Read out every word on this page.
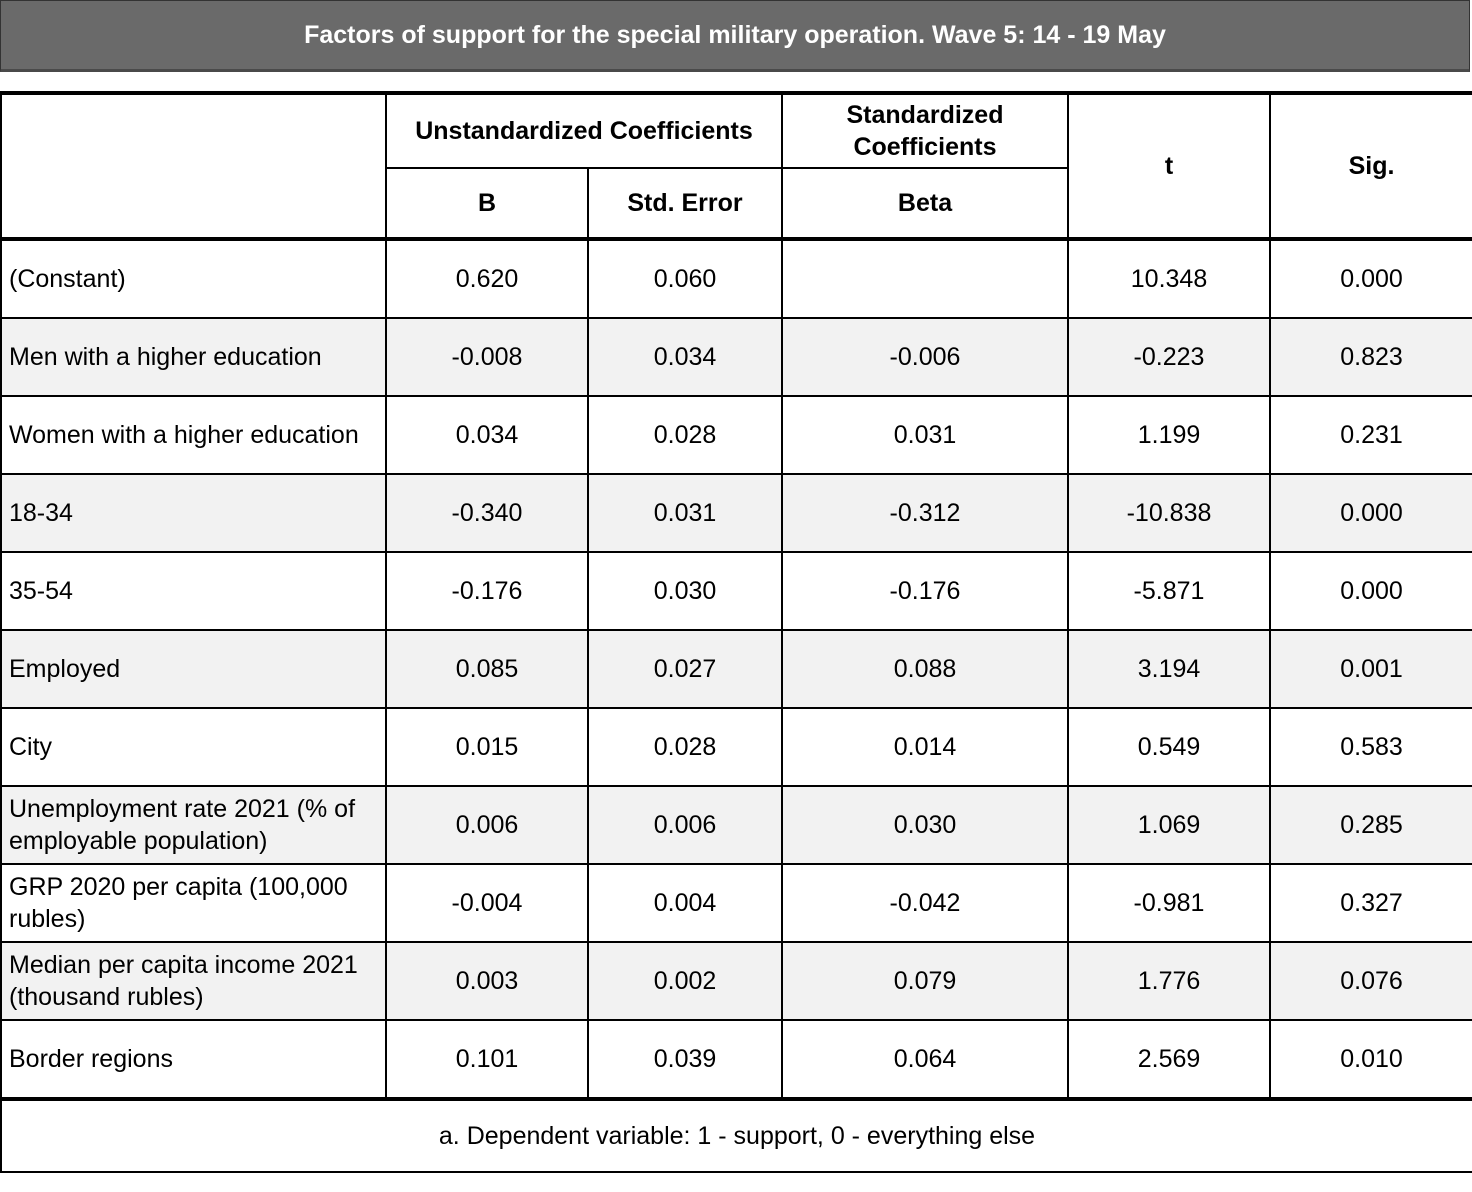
Factors of support for the special military operation. Wave 5: 14 - 19 May
	Unstandardized Coefficients		Standardized Coefficients	t	Sig.
	B	Std. Error	Beta		
(Constant)	0.620	0.060		10.348	0.000
Men with a higher education	-0.008	0.034	-0.006	-0.223	0.823
Women with a higher education	0.034	0.028	0.031	1.199	0.231
18-34	-0.340	0.031	-0.312	-10.838	0.000
35-54	-0.176	0.030	-0.176	-5.871	0.000
Employed	0.085	0.027	0.088	3.194	0.001
City	0.015	0.028	0.014	0.549	0.583
Unemployment rate 2021 (% of employable population)	0.006	0.006	0.030	1.069	0.285
GRP 2020 per capita (100,000 rubles)	-0.004	0.004	-0.042	-0.981	0.327
Median per capita income 2021 (thousand rubles)	0.003	0.002	0.079	1.776	0.076
Border regions	0.101	0.039	0.064	2.569	0.010
a. Dependent variable: 1 - support, 0 - everything else					
